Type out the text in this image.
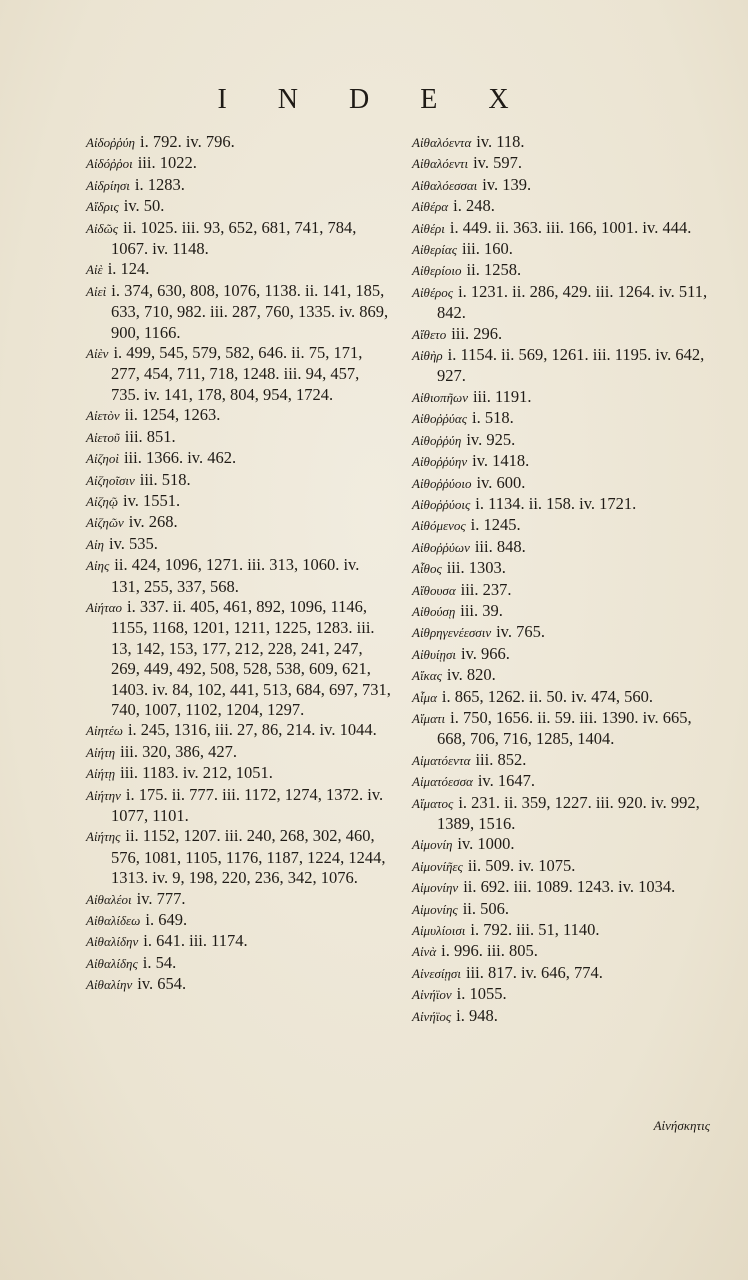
I N D E X

Αἰδοῤῥύη i. 792. iv. 796.

Αἰδόῤῥοι iii. 1022.

Αἰδρίησι i. 1283.

Αἴδρις iv. 50.

Αἰδῶς ii. 1025. iii. 93, 652, 681, 741, 784, 1067. iv. 1148.

Αἰὲ i. 124.

Αἰεὶ i. 374, 630, 808, 1076, 1138. ii. 141, 185, 633, 710, 982. iii. 287, 760, 1335. iv. 869, 900, 1166.

Αἰὲν i. 499, 545, 579, 582, 646. ii. 75, 171, 277, 454, 711, 718, 1248. iii. 94, 457, 735. iv. 141, 178, 804, 954, 1724.

Αἰετὸν ii. 1254, 1263.

Αἰετοῦ iii. 851.

Αἰζηοὶ iii. 1366. iv. 462.

Αἰζηοῖσιν iii. 518.

Αἰζηῷ iv. 1551.

Αἰζηῶν iv. 268.

Αἰη iv. 535.

Αἰης ii. 424, 1096, 1271. iii. 313, 1060. iv. 131, 255, 337, 568.

Αἰήταο i. 337. ii. 405, 461, 892, 1096, 1146, 1155, 1168, 1201, 1211, 1225, 1283. iii. 13, 142, 153, 177, 212, 228, 241, 247, 269, 449, 492, 508, 528, 538, 609, 621, 1403. iv. 84, 102, 441, 513, 684, 697, 731, 740, 1007, 1102, 1204, 1297.

Αἰητέω i. 245, 1316, iii. 27, 86, 214. iv. 1044.

Αἰήτη iii. 320, 386, 427.

Αἰήτῃ iii. 1183. iv. 212, 1051.

Αἰήτην i. 175. ii. 777. iii. 1172, 1274, 1372. iv. 1077, 1101.

Αἰήτης ii. 1152, 1207. iii. 240, 268, 302, 460, 576, 1081, 1105, 1176, 1187, 1224, 1244, 1313. iv. 9, 198, 220, 236, 342, 1076.

Αἰθαλέοι iv. 777.

Αἰθαλίδεω i. 649.

Αἰθαλίδην i. 641. iii. 1174.

Αἰθαλίδης i. 54.

Αἰθαλίην iv. 654.

Αἰθαλόεντα iv. 118.

Αἰθαλόεντι iv. 597.

Αἰθαλόεσσαι iv. 139.

Αἰθέρα i. 248.

Αἰθέρι i. 449. ii. 363. iii. 166, 1001. iv. 444.

Αἰθερίας iii. 160.

Αἰθερίοιο ii. 1258.

Αἰθέρος i. 1231. ii. 286, 429. iii. 1264. iv. 511, 842.

Αἴθετο iii. 296.

Αἰθὴρ i. 1154. ii. 569, 1261. iii. 1195. iv. 642, 927.

Αἰθιοπῆων iii. 1191.

Αἰθοῤῥύας i. 518.

Αἰθοῤῥύη iv. 925.

Αἰθοῤῥύην iv. 1418.

Αἰθοῤῥύοιο iv. 600.

Αἰθοῤῥύοις i. 1134. ii. 158. iv. 1721.

Αἰθόμενος i. 1245.

Αἰθοῤῥύων iii. 848.

Αἶθος iii. 1303.

Αἴθουσα iii. 237.

Αἰθούσῃ iii. 39.

Αἰθρηγενέεσσιν iv. 765.

Αἰθυίῃσι iv. 966.

Αἴκας iv. 820.

Αἷμα i. 865, 1262. ii. 50. iv. 474, 560.

Αἵματι i. 750, 1656. ii. 59. iii. 1390. iv. 665, 668, 706, 716, 1285, 1404.

Αἱματόεντα iii. 852.

Αἱματόεσσα iv. 1647.

Αἵματος i. 231. ii. 359, 1227. iii. 920. iv. 992, 1389, 1516.

Αἱμονίη iv. 1000.

Αἱμονίῆες ii. 509. iv. 1075.

Αἱμονίην ii. 692. iii. 1089. 1243. iv. 1034.

Αἱμονίης ii. 506.

Αἱμυλίοισι i. 792. iii. 51, 1140.

Αἰνὰ i. 996. iii. 805.

Αἰνεσίῃσι iii. 817. iv. 646, 774.

Αἰνήϊον i. 1055.

Αἰνήϊος i. 948.

Αἰνήσκητις
